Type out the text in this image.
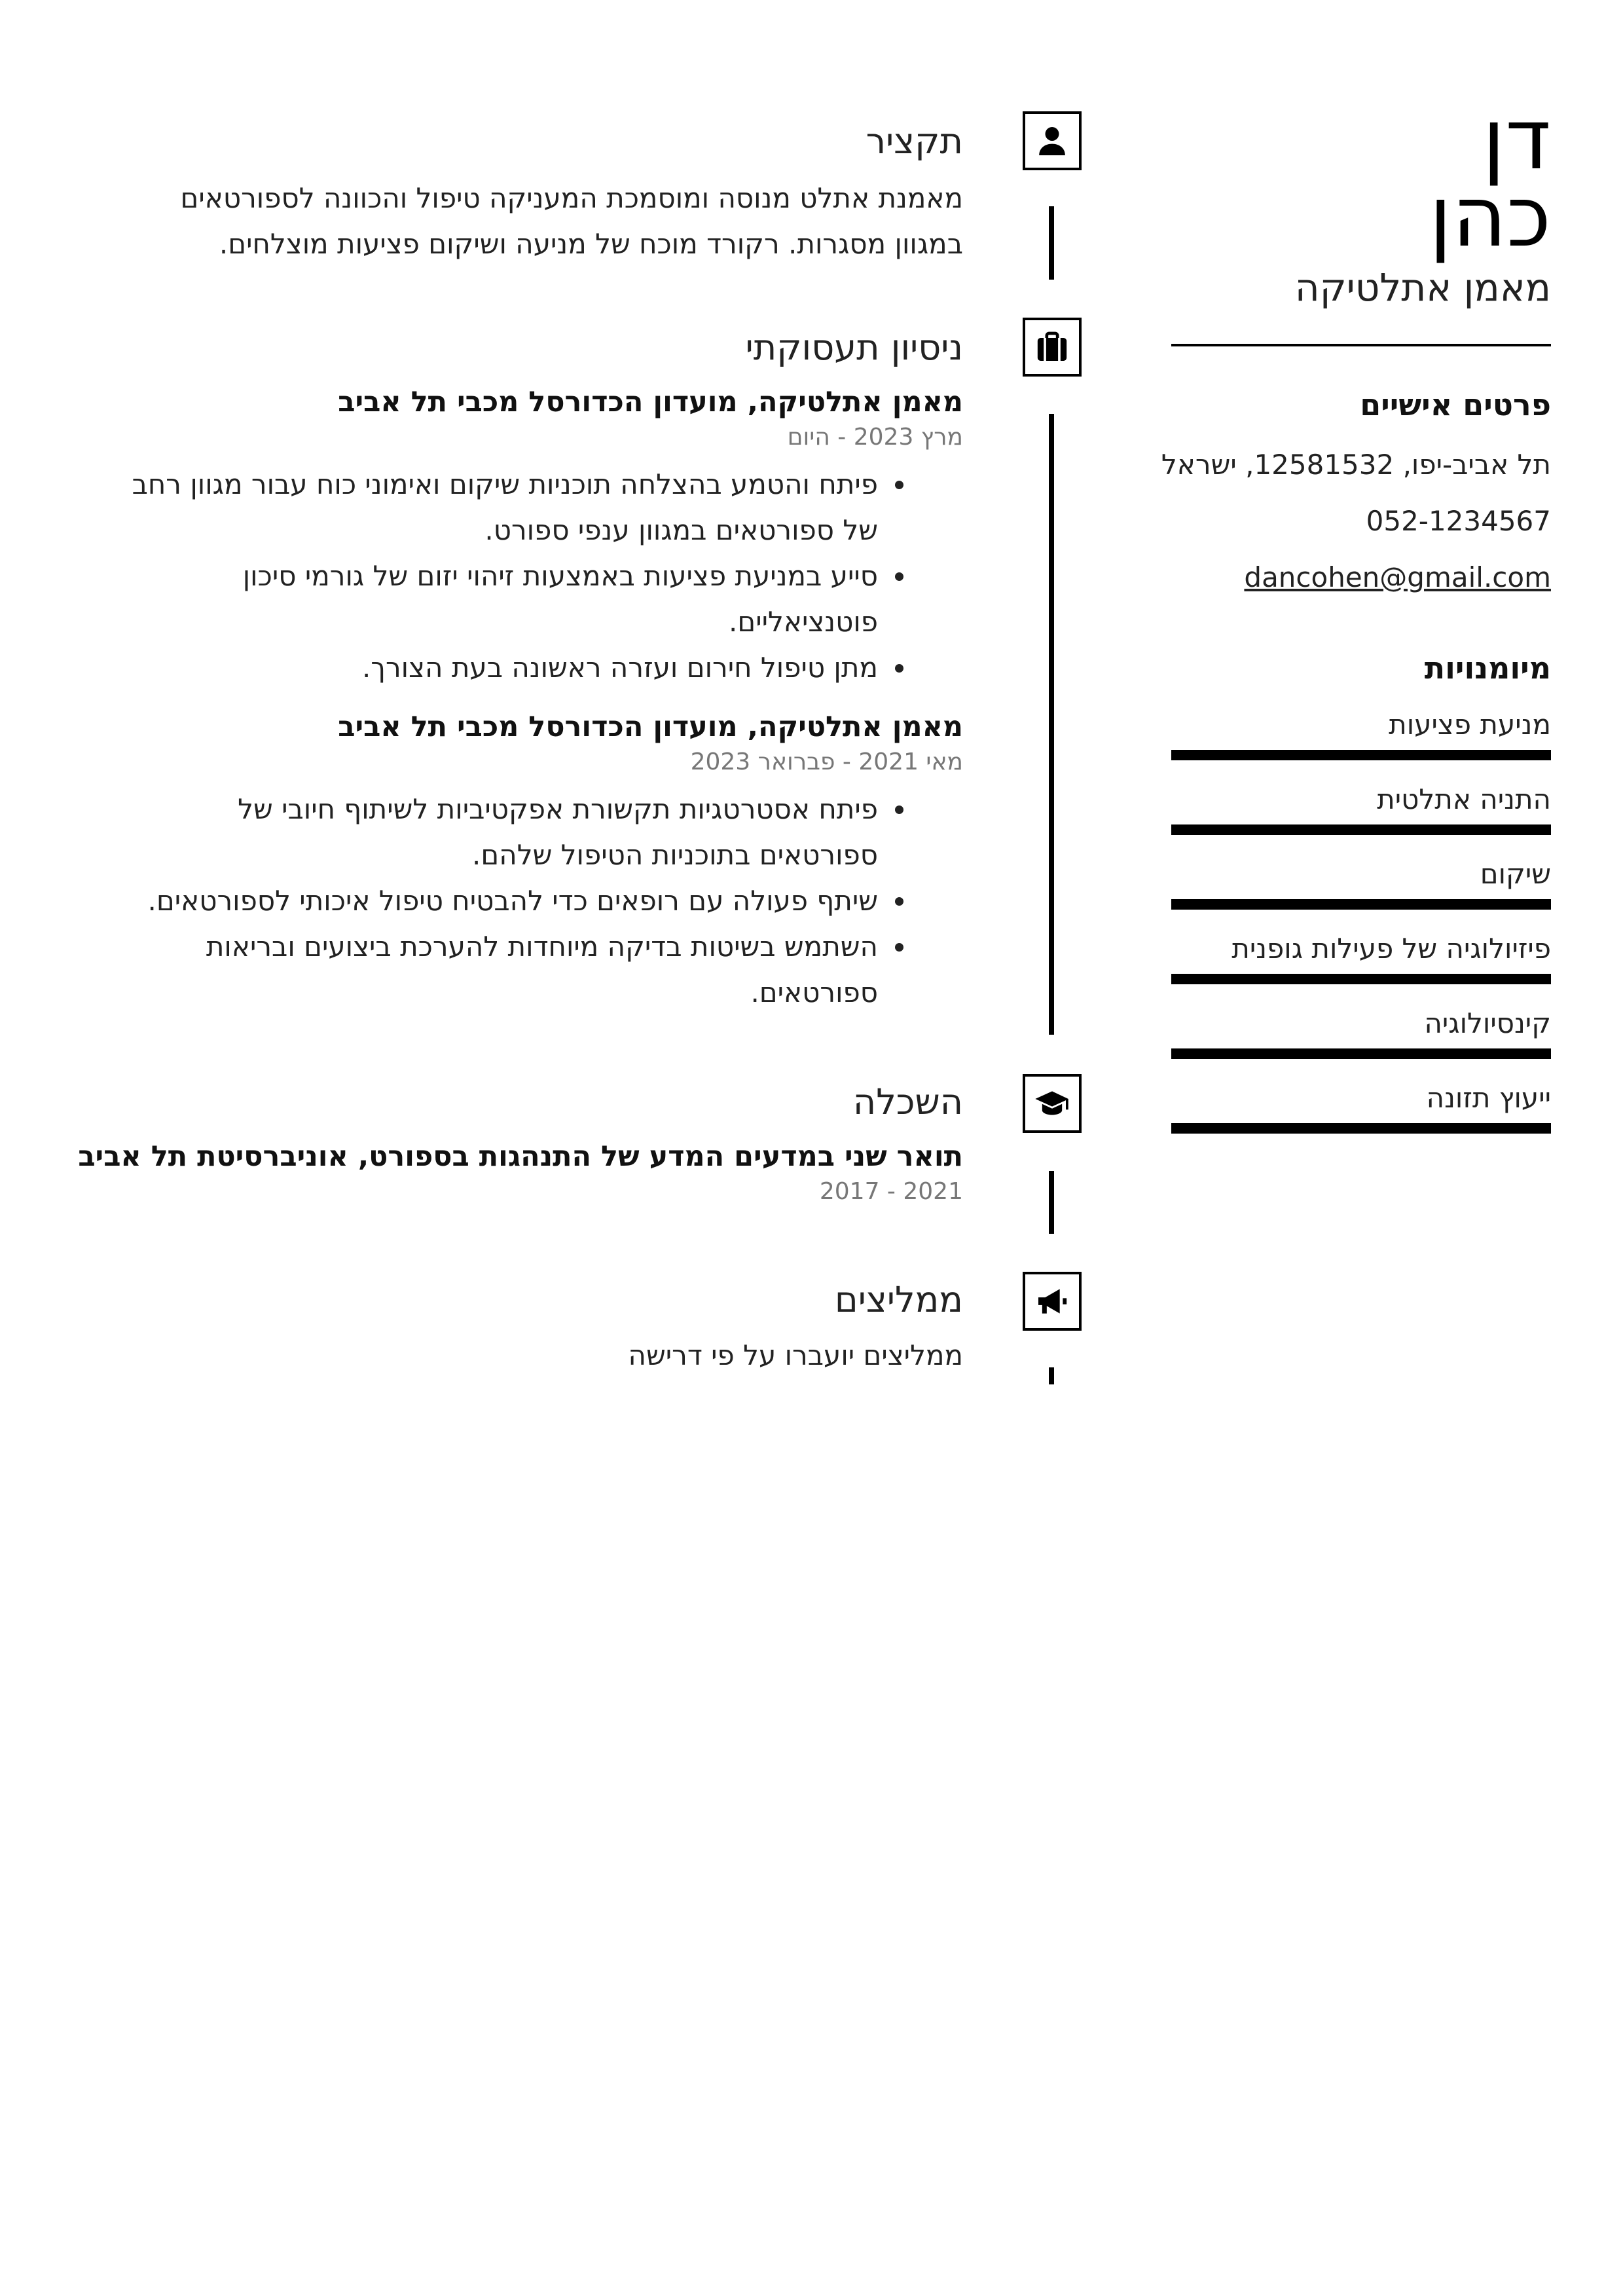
דן
כהן
מאמן אתלטיקה
פרטים אישיים
תל אביב-יפו, 12581532, ישראל
052-1234567
dancohen@gmail.com
מיומנויות
מניעת פציעות
התניה אתלטית
שיקום
פיזיולוגיה של פעילות גופנית
קינסיולוגיה
ייעוץ תזונה
תקציר
מאמנת אתלט מנוסה ומוסמכת המעניקה טיפול והכוונה לספורטאים במגוון מסגרות. רקורד מוכח של מניעה ושיקום פציעות מוצלחים.
ניסיון תעסוקתי
מאמן אתלטיקה, מועדון הכדורסל מכבי תל אביב
מרץ 2023 - היום
• פיתח והטמע בהצלחה תוכניות שיקום ואימוני כוח עבור מגוון רחב של ספורטאים במגוון ענפי ספורט.
• סייע במניעת פציעות באמצעות זיהוי יזום של גורמי סיכון פוטנציאליים.
• מתן טיפול חירום ועזרה ראשונה בעת הצורך.
מאמן אתלטיקה, מועדון הכדורסל מכבי תל אביב
מאי 2021 - פברואר 2023
• פיתח אסטרטגיות תקשורת אפקטיביות לשיתוף חיובי של ספורטאים בתוכניות הטיפול שלהם.
• שיתף פעולה עם רופאים כדי להבטיח טיפול איכותי לספורטאים.
• השתמש בשיטות בדיקה מיוחדות להערכת ביצועים ובריאות ספורטאים.
השכלה
תואר שני במדעים המדע של התנהגות בספורט, אוניברסיטת תל אביב
2017 - 2021
ממליצים
ממליצים יועברו על פי דרישה
